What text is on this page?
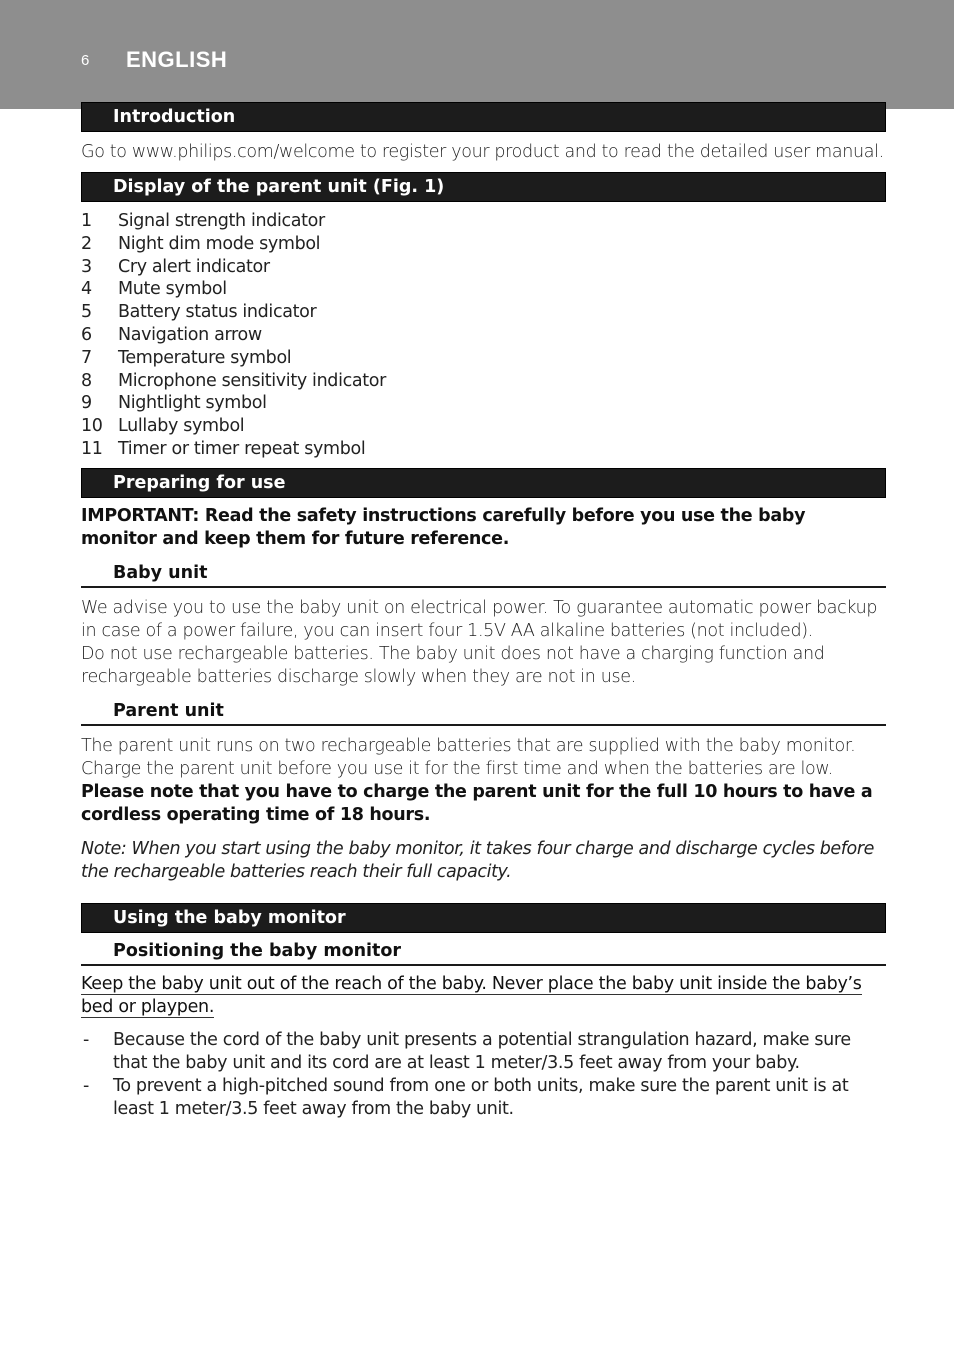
6 ENGLISH
Introduction

Go to www.philips.com/welcome to register your product and to read the detailed user manual.

Display of the parent unit (Fig. 1)
1 Signal strength indicator
2 Night dim mode symbol
3 Cry alert indicator
4 Mute symbol
5 Battery status indicator
6 Navigation arrow
7 Temperature symbol
8 Microphone sensitivity indicator
9 Nightlight symbol
10 Lullaby symbol
11 Timer or timer repeat symbol
Preparing for use

IMPORTANT: Read the safety instructions carefully before you use the baby monitor and keep them for future reference.

Baby unit

We advise you to use the baby unit on electrical power. To guarantee automatic power backup in case of a power failure, you can insert four 1.5V AA alkaline batteries (not included).

Do not use rechargeable batteries. The baby unit does not have a charging function and rechargeable batteries discharge slowly when they are not in use.

Parent unit

The parent unit runs on two rechargeable batteries that are supplied with the baby monitor. Charge the parent unit before you use it for the first time and when the batteries are low.

Please note that you have to charge the parent unit for the full 10 hours to have a cordless operating time of 18 hours.

Note: When you start using the baby monitor, it takes four charge and discharge cycles before the rechargeable batteries reach their full capacity.

Using the baby monitor
Positioning the baby monitor

Keep the baby unit out of the reach of the baby. Never place the baby unit inside the baby’s bed or playpen.

- Because the cord of the baby unit presents a potential strangulation hazard, make sure that the baby unit and its cord are at least 1 meter/3.5 feet away from your baby.
- To prevent a high-pitched sound from one or both units, make sure the parent unit is at least 1 meter/3.5 feet away from the baby unit.
